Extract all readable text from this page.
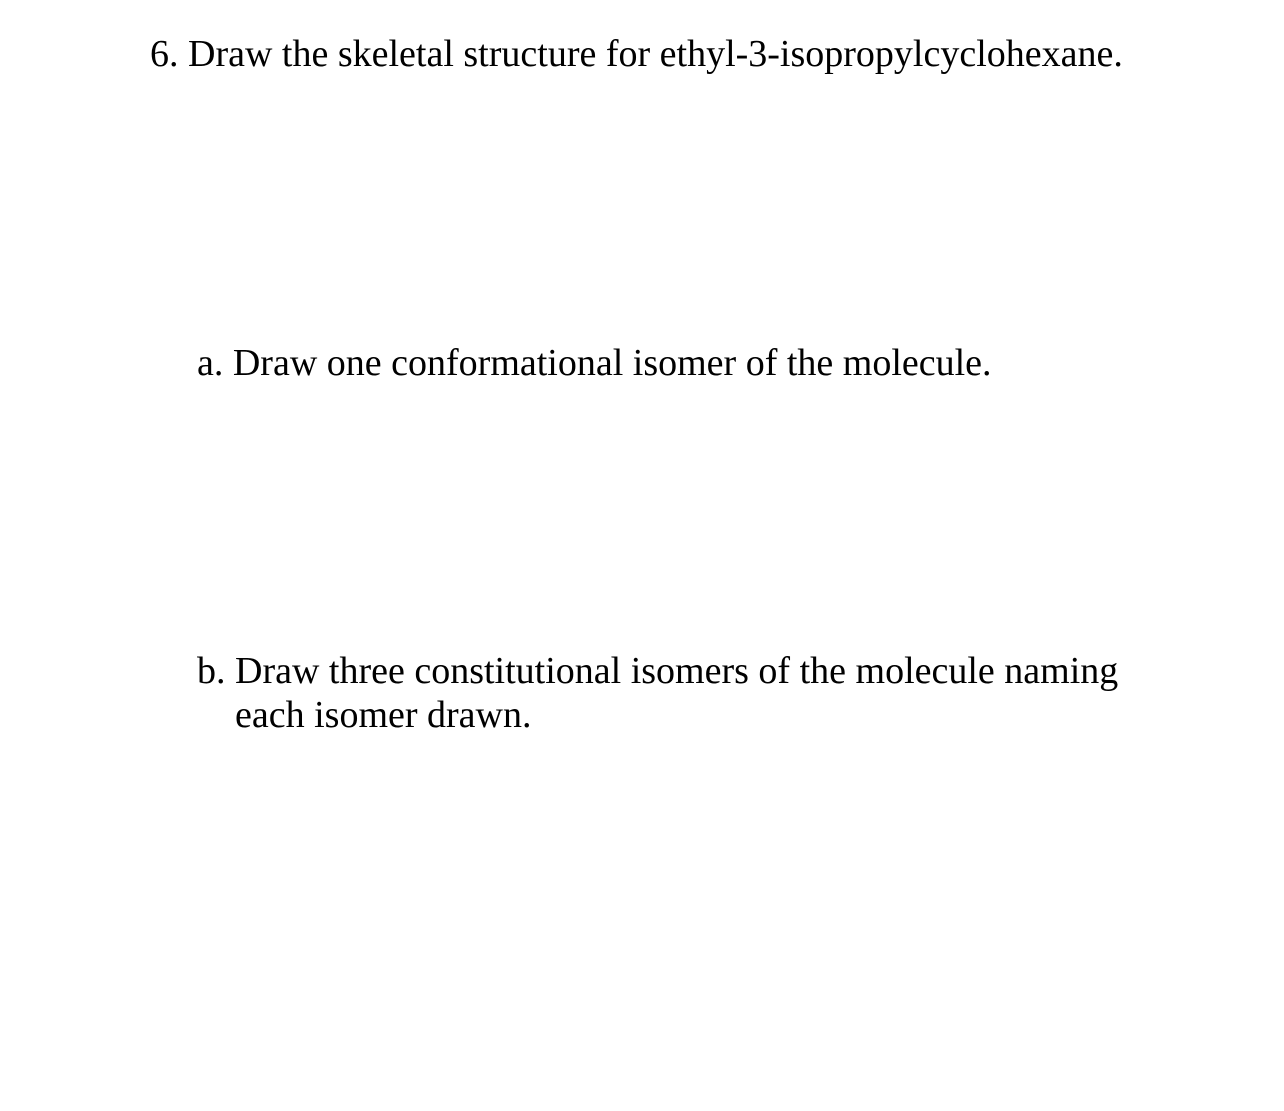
6. Draw the skeletal structure for ethyl-3-isopropylcyclohexane.

a. Draw one conformational isomer of the molecule.

b. Draw three constitutional isomers of the molecule naming

each isomer drawn.
